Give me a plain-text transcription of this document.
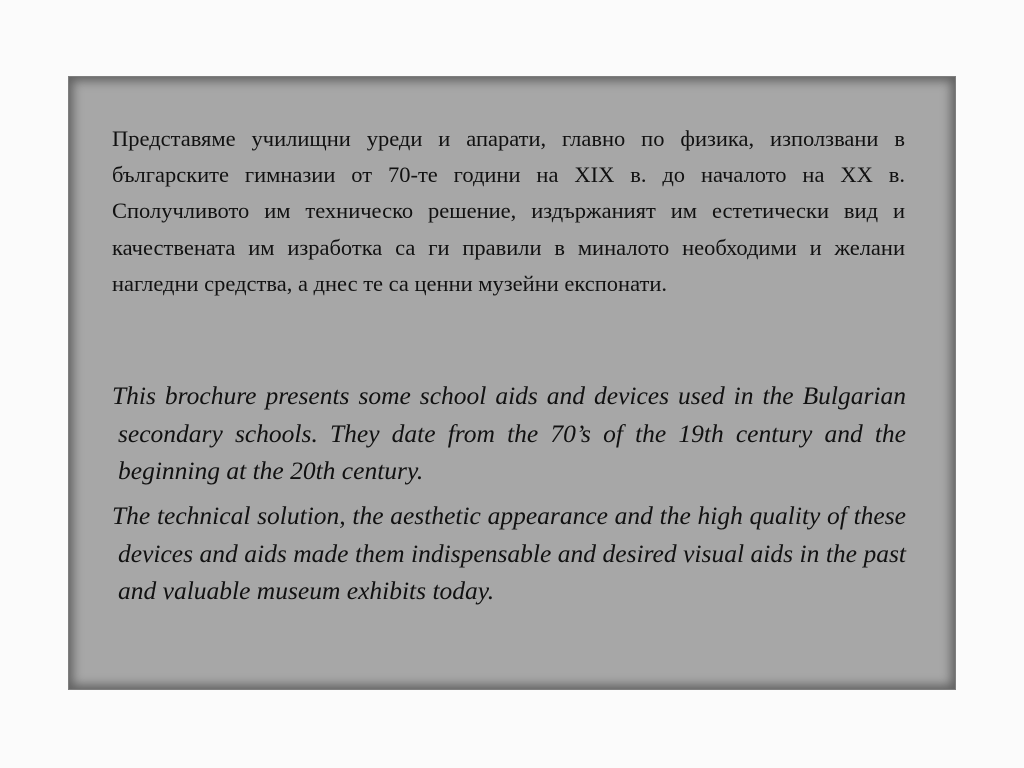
Представяме училищни уреди и апарати, главно по физика, използвани в българските гимназии от 70-те години на XIX в. до началото на XX в. Сполучливото им техническо решение, издържаният им естетически вид и качествената им изработка са ги правили в миналото необходими и желани нагледни средства, а днес те са ценни музейни експонати.

This brochure presents some school aids and devices used in the Bulgarian secondary schools. They date from the 70’s of the 19th century and the beginning at the 20th century.

The technical solution, the aesthetic appearance and the high quality of these devices and aids made them indispensable and desired visual aids in the past and valuable museum exhibits today.
